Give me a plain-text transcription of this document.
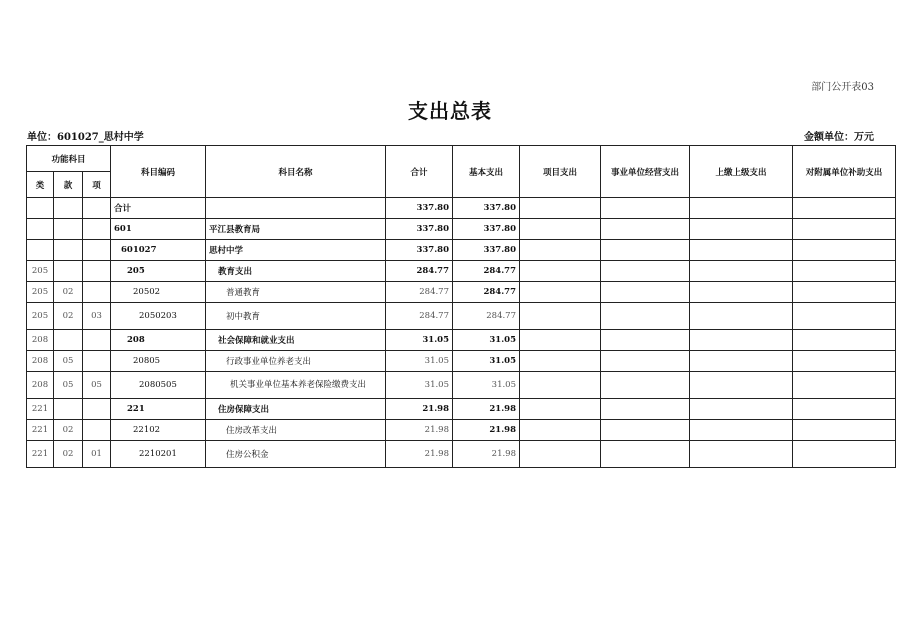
部门公开表03
支出总表
单位：601027_思村中学	金额单位：万元
功能科目			科目编码	科目名称	合计	基本支出	项目支出	事业单位经营支出	上缴上级支出	对附属单位补助支出
类	款	项								
			合计		337.80	337.80				
			601	平江县教育局	337.80	337.80				
			601027	思村中学	337.80	337.80				
205			205	教育支出	284.77	284.77				
205	02		20502	普通教育	284.77	284.77				
205	02	03	2050203	初中教育	284.77	284.77				
208			208	社会保障和就业支出	31.05	31.05				
208	05		20805	行政事业单位养老支出	31.05	31.05				
208	05	05	2080505	机关事业单位基本养老保险缴费支出	31.05	31.05				
221			221	住房保障支出	21.98	21.98				
221	02		22102	住房改革支出	21.98	21.98				
221	02	01	2210201	住房公积金	21.98	21.98				
